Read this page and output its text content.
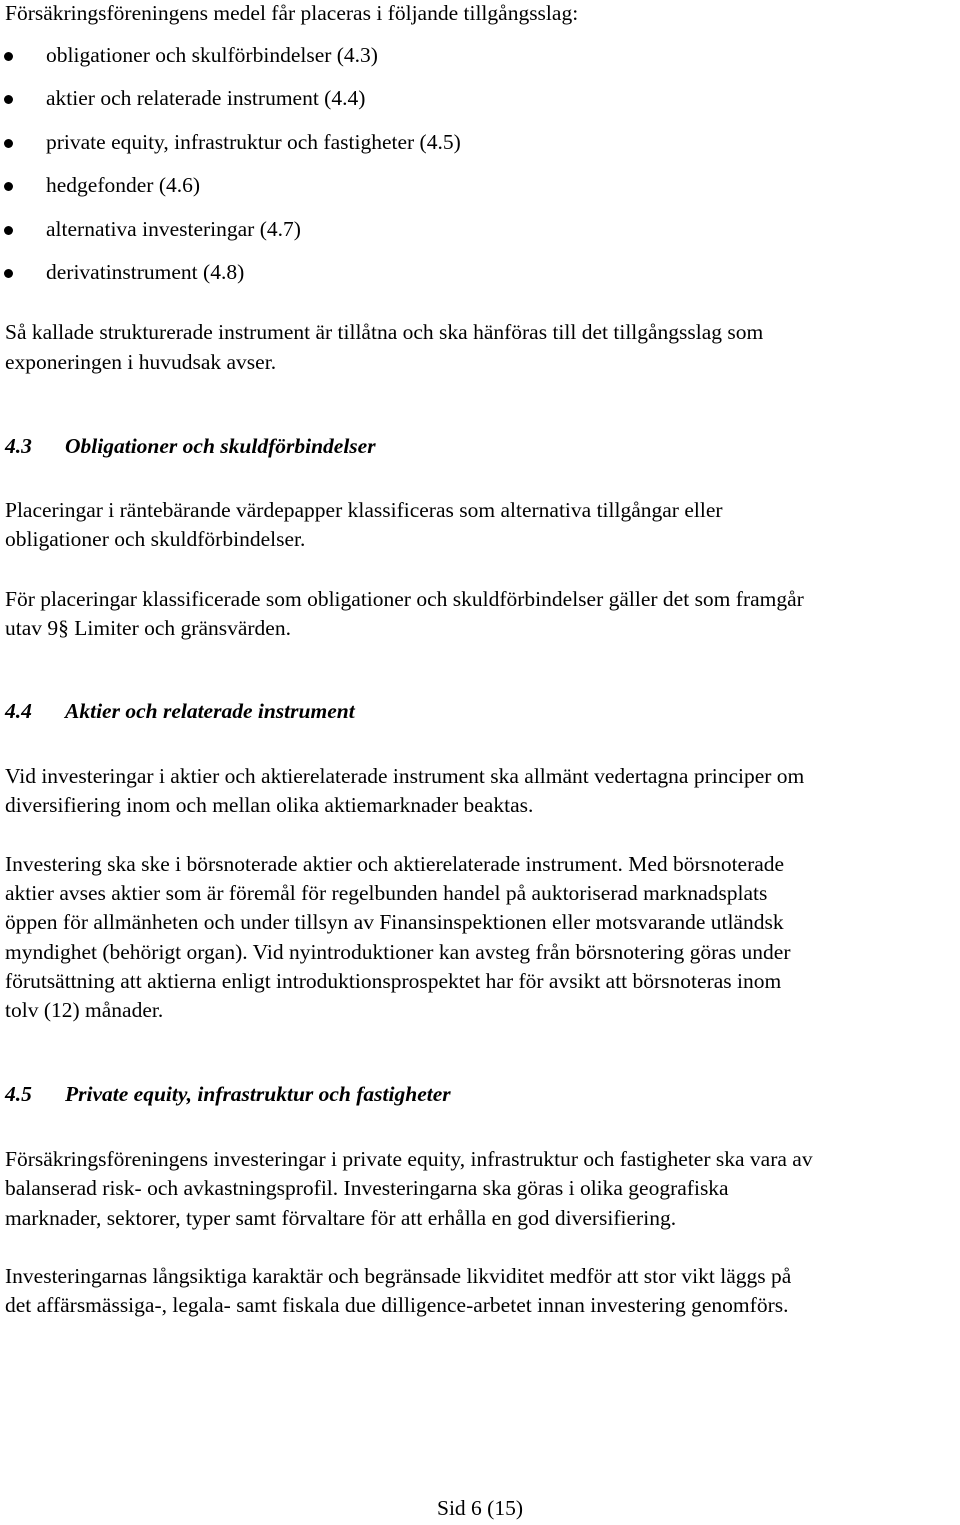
Försäkringsföreningens medel får placeras i följande tillgångsslag:
obligationer och skulförbindelser (4.3)
aktier och relaterade instrument (4.4)
private equity, infrastruktur och fastigheter (4.5)
hedgefonder (4.6)
alternativa investeringar (4.7)
derivatinstrument (4.8)
Så kallade strukturerade instrument är tillåtna och ska hänföras till det tillgångsslag som
exponeringen i huvudsak avser.
4.3 Obligationer och skuldförbindelser
Placeringar i räntebärande värdepapper klassificeras som alternativa tillgångar eller
obligationer och skuldförbindelser.
För placeringar klassificerade som obligationer och skuldförbindelser gäller det som framgår
utav 9§ Limiter och gränsvärden.
4.4 Aktier och relaterade instrument
Vid investeringar i aktier och aktierelaterade instrument ska allmänt vedertagna principer om
diversifiering inom och mellan olika aktiemarknader beaktas.
Investering ska ske i börsnoterade aktier och aktierelaterade instrument. Med börsnoterade
aktier avses aktier som är föremål för regelbunden handel på auktoriserad marknadsplats
öppen för allmänheten och under tillsyn av Finansinspektionen eller motsvarande utländsk
myndighet (behörigt organ). Vid nyintroduktioner kan avsteg från börsnotering göras under
förutsättning att aktierna enligt introduktionsprospektet har för avsikt att börsnoteras inom
tolv (12) månader.
4.5 Private equity, infrastruktur och fastigheter
Försäkringsföreningens investeringar i private equity, infrastruktur och fastigheter ska vara av
balanserad risk- och avkastningsprofil. Investeringarna ska göras i olika geografiska
marknader, sektorer, typer samt förvaltare för att erhålla en god diversifiering.
Investeringarnas långsiktiga karaktär och begränsade likviditet medför att stor vikt läggs på
det affärsmässiga-, legala- samt fiskala due dilligence-arbetet innan investering genomförs.
Sid 6 (15)
